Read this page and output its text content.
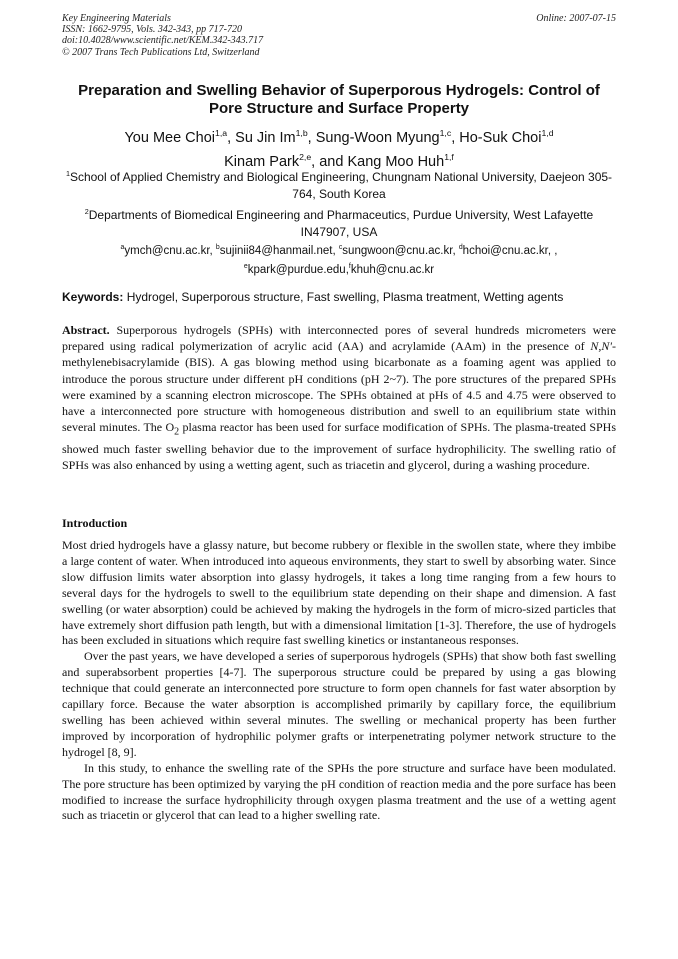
Key Engineering Materials
ISSN: 1662-9795, Vols. 342-343, pp 717-720
doi:10.4028/www.scientific.net/KEM.342-343.717
© 2007 Trans Tech Publications Ltd, Switzerland
Online: 2007-07-15
Preparation and Swelling Behavior of Superporous Hydrogels: Control of Pore Structure and Surface Property
You Mee Choi$^{1,a}$, Su Jin Im$^{1,b}$, Sung-Woon Myung$^{1,c}$, Ho-Suk Choi$^{1,d}$
Kinam Park$^{2,e}$, and Kang Moo Huh$^{1,f}$
$^1$School of Applied Chemistry and Biological Engineering, Chungnam National University, Daejeon 305-764, South Korea
$^2$Departments of Biomedical Engineering and Pharmaceutics, Purdue University, West Lafayette IN47907, USA
$^a$ymch@cnu.ac.kr, $^b$sujinii84@hanmail.net, $^c$sungwoon@cnu.ac.kr, $^d$hchoi@cnu.ac.kr, ,
$^e$kpark@purdue.edu,$^f$khuh@cnu.ac.kr
Keywords: Hydrogel, Superporous structure, Fast swelling, Plasma treatment, Wetting agents
Abstract. Superporous hydrogels (SPHs) with interconnected pores of several hundreds micrometers were prepared using radical polymerization of acrylic acid (AA) and acrylamide (AAm) in the presence of N,N'-methylenebisacrylamide (BIS). A gas blowing method using bicarbonate as a foaming agent was applied to introduce the porous structure under different pH conditions (pH 2~7). The pore structures of the prepared SPHs were examined by a scanning electron microscope. The SPHs obtained at pHs of 4.5 and 4.75 were observed to have a interconnected pore structure with homogeneous distribution and swell to an equilibrium state within several minutes. The $O_2$ plasma reactor has been used for surface modification of SPHs. The plasma-treated SPHs showed much faster swelling behavior due to the improvement of surface hydrophilicity. The swelling ratio of SPHs was also enhanced by using a wetting agent, such as triacetin and glycerol, during a washing procedure.
Introduction

Most dried hydrogels have a glassy nature, but become rubbery or flexible in the swollen state, where they imbibe a large content of water. When introduced into aqueous environments, they start to swell by absorbing water. Since slow diffusion limits water absorption into glassy hydrogels, it takes a long time ranging from a few hours to several days for the hydrogels to swell to the equilibrium state depending on their shape and dimension. A fast swelling (or water absorption) could be achieved by making the hydrogels in the form of micro-sized particles that have extremely short diffusion path length, but with a dimensional limitation [1-3]. Therefore, the use of hydrogels has been excluded in situations which require fast swelling kinetics or instantaneous responses.

Over the past years, we have developed a series of superporous hydrogels (SPHs) that show both fast swelling and superabsorbent properties [4-7]. The superporous structure could be prepared by using a gas blowing technique that could generate an interconnected pore structure to form open channels for fast water absorption by capillary force. Because the water absorption is accomplished primarily by capillary force, the equilibrium swelling has been achieved within several minutes. The swelling or mechanical property has been further improved by incorporation of hydrophilic polymer grafts or interpenetrating polymer network structure to the hydrogel [8, 9].

In this study, to enhance the swelling rate of the SPHs the pore structure and surface have been modulated. The pore structure has been optimized by varying the pH condition of reaction media and the pore surface has been modified to increase the surface hydrophilicity through oxygen plasma treatment and the use of a wetting agent such as triacetin or glycerol that can lead to a higher swelling rate.
